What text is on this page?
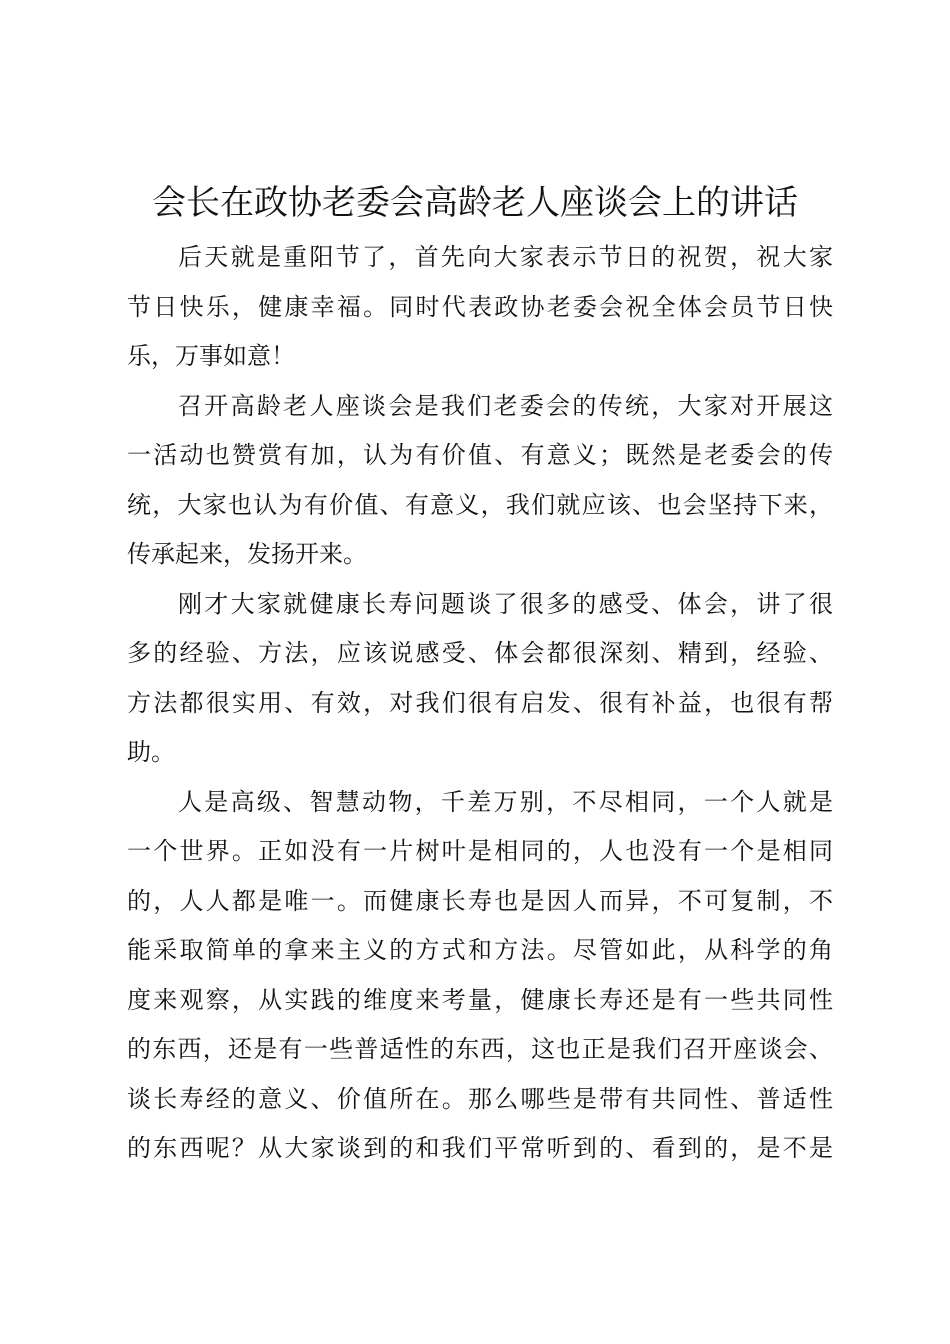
会长在政协老委会高龄老人座谈会上的讲话

后天就是重阳节了，首先向大家表示节日的祝贺，祝大家
节日快乐，健康幸福。同时代表政协老委会祝全体会员节日快
乐，万事如意！

召开高龄老人座谈会是我们老委会的传统，大家对开展这
一活动也赞赏有加，认为有价值、有意义；既然是老委会的传
统，大家也认为有价值、有意义，我们就应该、也会坚持下来，
传承起来，发扬开来。

刚才大家就健康长寿问题谈了很多的感受、体会，讲了很
多的经验、方法，应该说感受、体会都很深刻、精到，经验、
方法都很实用、有效，对我们很有启发、很有补益，也很有帮
助。

人是高级、智慧动物，千差万别，不尽相同，一个人就是
一个世界。正如没有一片树叶是相同的，人也没有一个是相同
的，人人都是唯一。而健康长寿也是因人而异，不可复制，不
能采取简单的拿来主义的方式和方法。尽管如此，从科学的角
度来观察，从实践的维度来考量，健康长寿还是有一些共同性
的东西，还是有一些普适性的东西，这也正是我们召开座谈会、
谈长寿经的意义、价值所在。那么哪些是带有共同性、普适性
的东西呢？从大家谈到的和我们平常听到的、看到的，是不是
